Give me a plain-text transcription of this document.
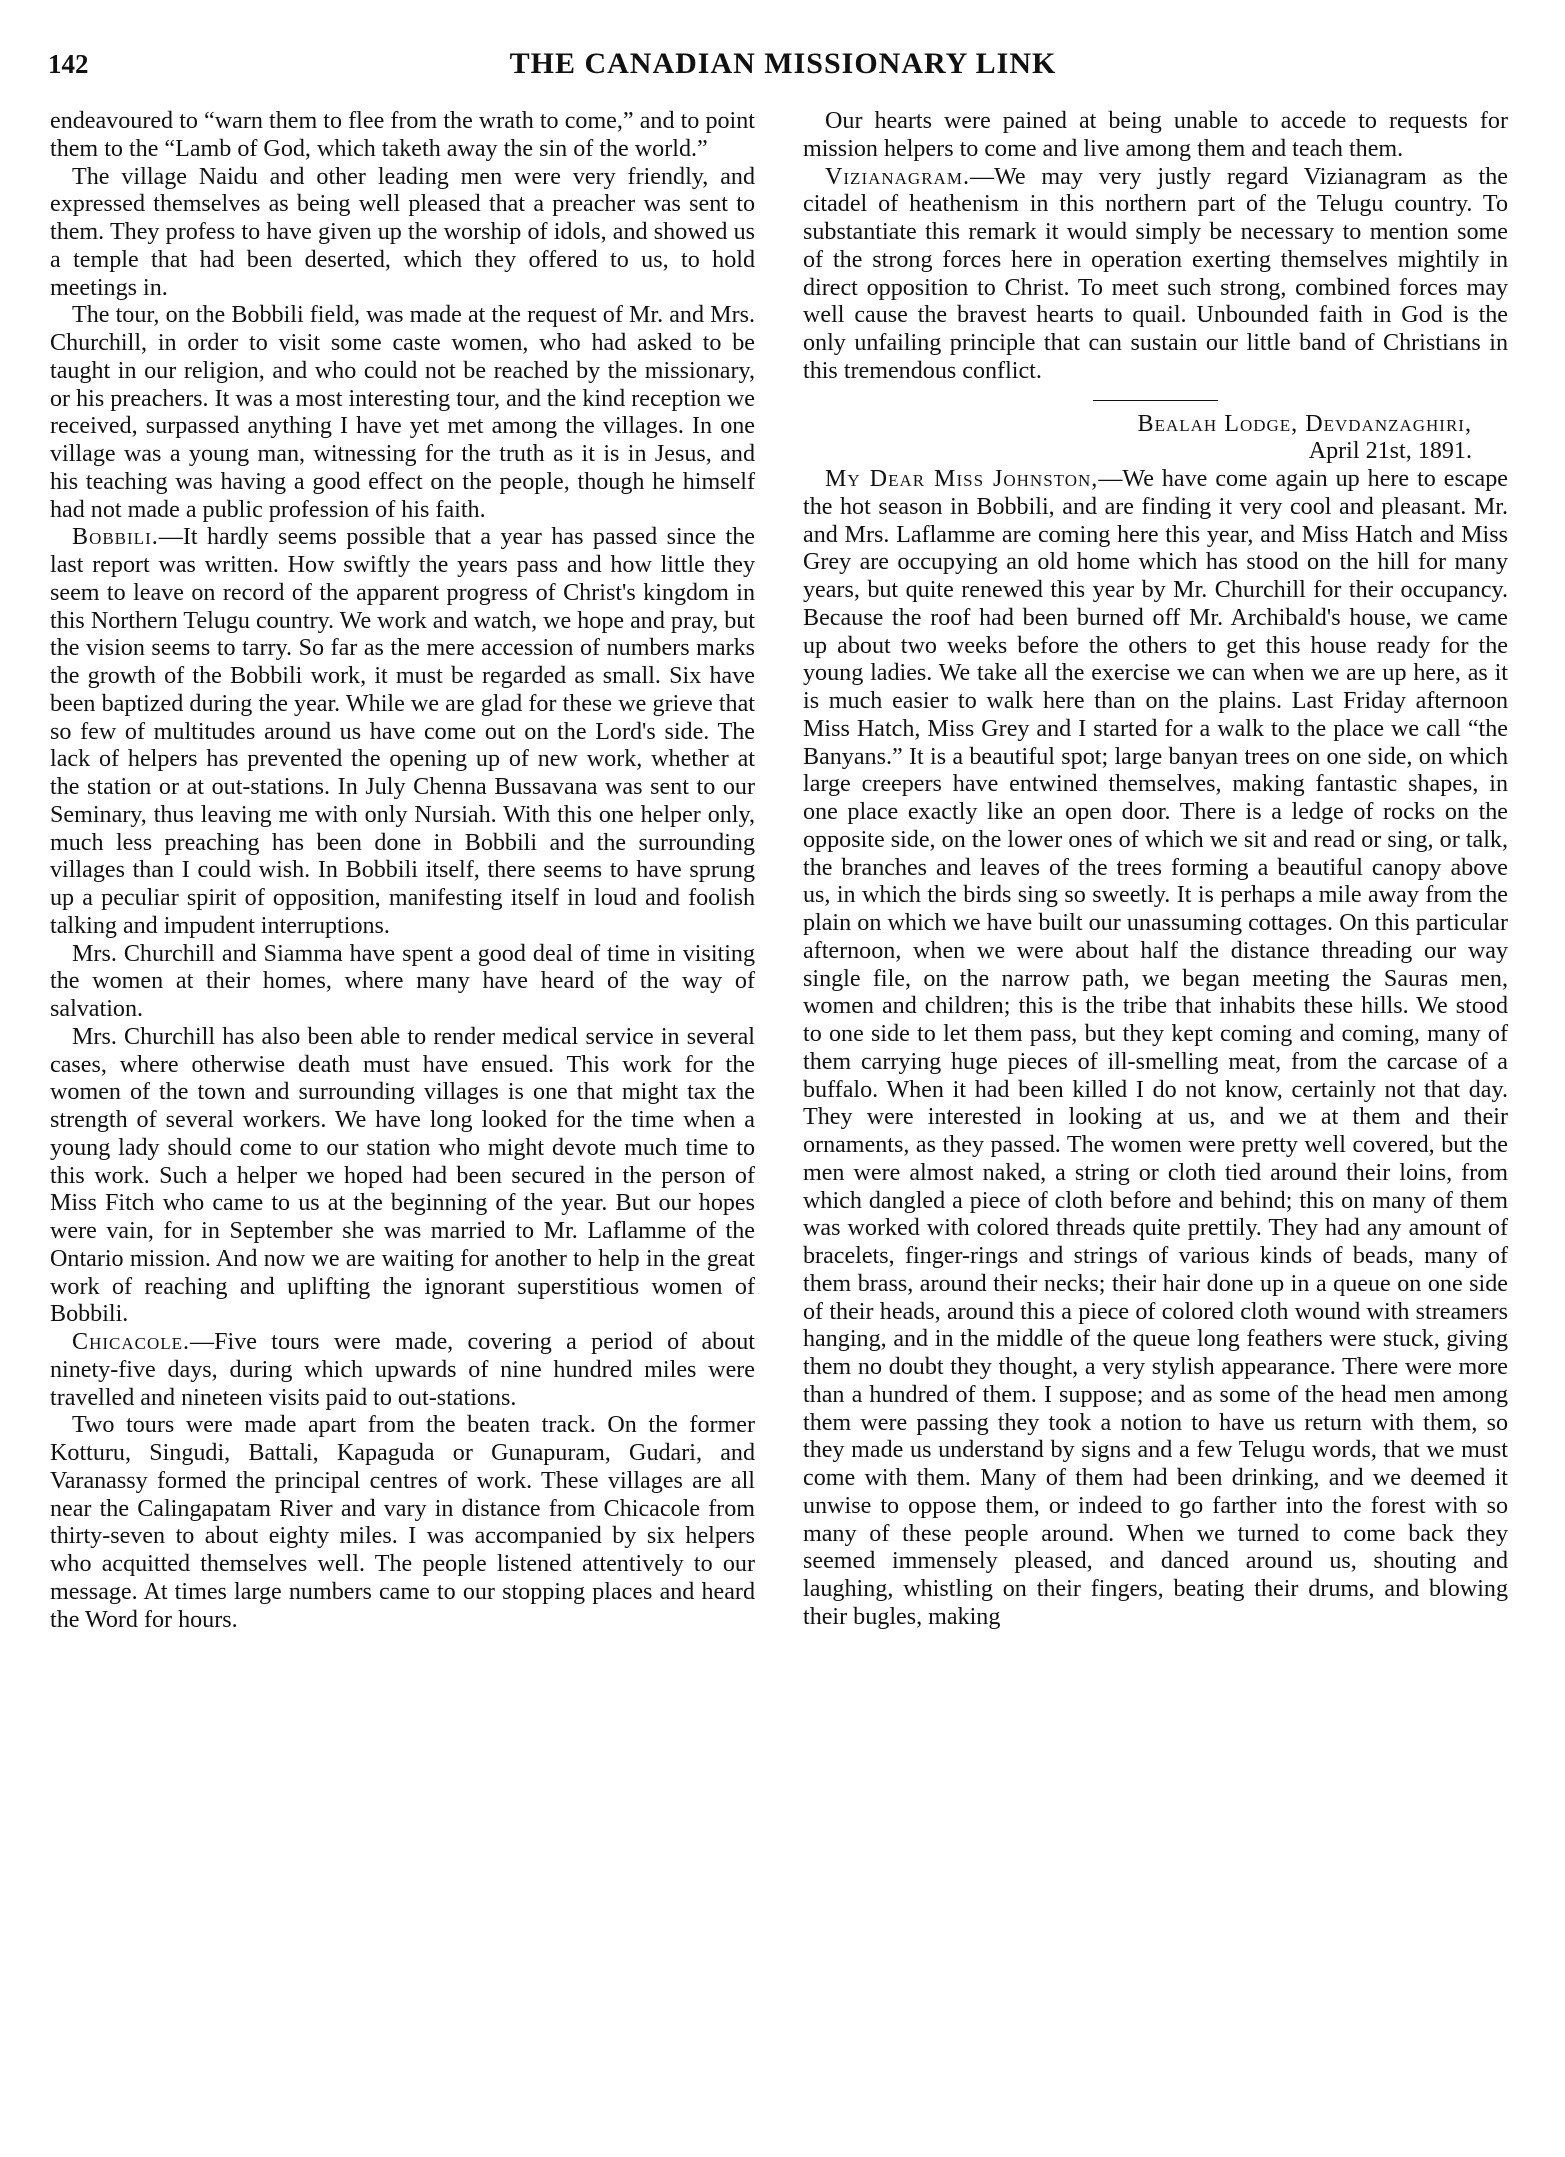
142	THE CANADIAN MISSIONARY LINK

endeavoured to “warn them to flee from the wrath to come,” and to point them to the “Lamb of God, which taketh away the sin of the world.”

The village Naidu and other leading men were very friendly, and expressed themselves as being well pleased that a preacher was sent to them. They profess to have given up the worship of idols, and showed us a temple that had been deserted, which they offered to us, to hold meetings in.

The tour, on the Bobbili field, was made at the request of Mr. and Mrs. Churchill, in order to visit some caste women, who had asked to be taught in our religion, and who could not be reached by the missionary, or his preachers. It was a most interesting tour, and the kind reception we received, surpassed anything I have yet met among the villages. In one village was a young man, witnessing for the truth as it is in Jesus, and his teaching was having a good effect on the people, though he himself had not made a public profession of his faith.

Bobbili.—It hardly seems possible that a year has passed since the last report was written. How swiftly the years pass and how little they seem to leave on record of the apparent progress of Christ's kingdom in this Northern Telugu country. We work and watch, we hope and pray, but the vision seems to tarry. So far as the mere accession of numbers marks the growth of the Bobbili work, it must be regarded as small. Six have been baptized during the year. While we are glad for these we grieve that so few of multitudes around us have come out on the Lord's side. The lack of helpers has prevented the opening up of new work, whether at the station or at out-stations. In July Chenna Bussavana was sent to our Seminary, thus leaving me with only Nursiah. With this one helper only, much less preaching has been done in Bobbili and the surrounding villages than I could wish. In Bobbili itself, there seems to have sprung up a peculiar spirit of opposition, manifesting itself in loud and foolish talking and impudent interruptions.

Mrs. Churchill and Siamma have spent a good deal of time in visiting the women at their homes, where many have heard of the way of salvation.

Mrs. Churchill has also been able to render medical service in several cases, where otherwise death must have ensued. This work for the women of the town and surrounding villages is one that might tax the strength of several workers. We have long looked for the time when a young lady should come to our station who might devote much time to this work. Such a helper we hoped had been secured in the person of Miss Fitch who came to us at the beginning of the year. But our hopes were vain, for in September she was married to Mr. Laflamme of the Ontario mission. And now we are waiting for another to help in the great work of reaching and uplifting the ignorant superstitious women of Bobbili.

Chicacole.—Five tours were made, covering a period of about ninety-five days, during which upwards of nine hundred miles were travelled and nineteen visits paid to out-stations.

Two tours were made apart from the beaten track. On the former Kotturu, Singudi, Battali, Kapaguda or Gunapuram, Gudari, and Varanassy formed the principal centres of work. These villages are all near the Calingapatam River and vary in distance from Chicacole from thirty-seven to about eighty miles. I was accompanied by six helpers who acquitted themselves well. The people listened attentively to our message. At times large numbers came to our stopping places and heard the Word for hours.

Our hearts were pained at being unable to accede to requests for mission helpers to come and live among them and teach them.

Vizianagram.—We may very justly regard Vizianagram as the citadel of heathenism in this northern part of the Telugu country. To substantiate this remark it would simply be necessary to mention some of the strong forces here in operation exerting themselves mightily in direct opposition to Christ. To meet such strong, combined forces may well cause the bravest hearts to quail. Unbounded faith in God is the only unfailing principle that can sustain our little band of Christians in this tremendous conflict.

Bealah Lodge, Devdanzaghiri,
April 21st, 1891.

My Dear Miss Johnston,—We have come again up here to escape the hot season in Bobbili, and are finding it very cool and pleasant. Mr. and Mrs. Laflamme are coming here this year, and Miss Hatch and Miss Grey are occupying an old home which has stood on the hill for many years, but quite renewed this year by Mr. Churchill for their occupancy. Because the roof had been burned off Mr. Archibald's house, we came up about two weeks before the others to get this house ready for the young ladies. We take all the exercise we can when we are up here, as it is much easier to walk here than on the plains. Last Friday afternoon Miss Hatch, Miss Grey and I started for a walk to the place we call “the Banyans.” It is a beautiful spot; large banyan trees on one side, on which large creepers have entwined themselves, making fantastic shapes, in one place exactly like an open door. There is a ledge of rocks on the opposite side, on the lower ones of which we sit and read or sing, or talk, the branches and leaves of the trees forming a beautiful canopy above us, in which the birds sing so sweetly. It is perhaps a mile away from the plain on which we have built our unassuming cottages. On this particular afternoon, when we were about half the distance threading our way single file, on the narrow path, we began meeting the Sauras men, women and children; this is the tribe that inhabits these hills. We stood to one side to let them pass, but they kept coming and coming, many of them carrying huge pieces of ill-smelling meat, from the carcase of a buffalo. When it had been killed I do not know, certainly not that day. They were interested in looking at us, and we at them and their ornaments, as they passed. The women were pretty well covered, but the men were almost naked, a string or cloth tied around their loins, from which dangled a piece of cloth before and behind; this on many of them was worked with colored threads quite prettily. They had any amount of bracelets, finger-rings and strings of various kinds of beads, many of them brass, around their necks; their hair done up in a queue on one side of their heads, around this a piece of colored cloth wound with streamers hanging, and in the middle of the queue long feathers were stuck, giving them no doubt they thought, a very stylish appearance. There were more than a hundred of them. I suppose; and as some of the head men among them were passing they took a notion to have us return with them, so they made us understand by signs and a few Telugu words, that we must come with them. Many of them had been drinking, and we deemed it unwise to oppose them, or indeed to go farther into the forest with so many of these people around. When we turned to come back they seemed immensely pleased, and danced around us, shouting and laughing, whistling on their fingers, beating their drums, and blowing their bugles, making
